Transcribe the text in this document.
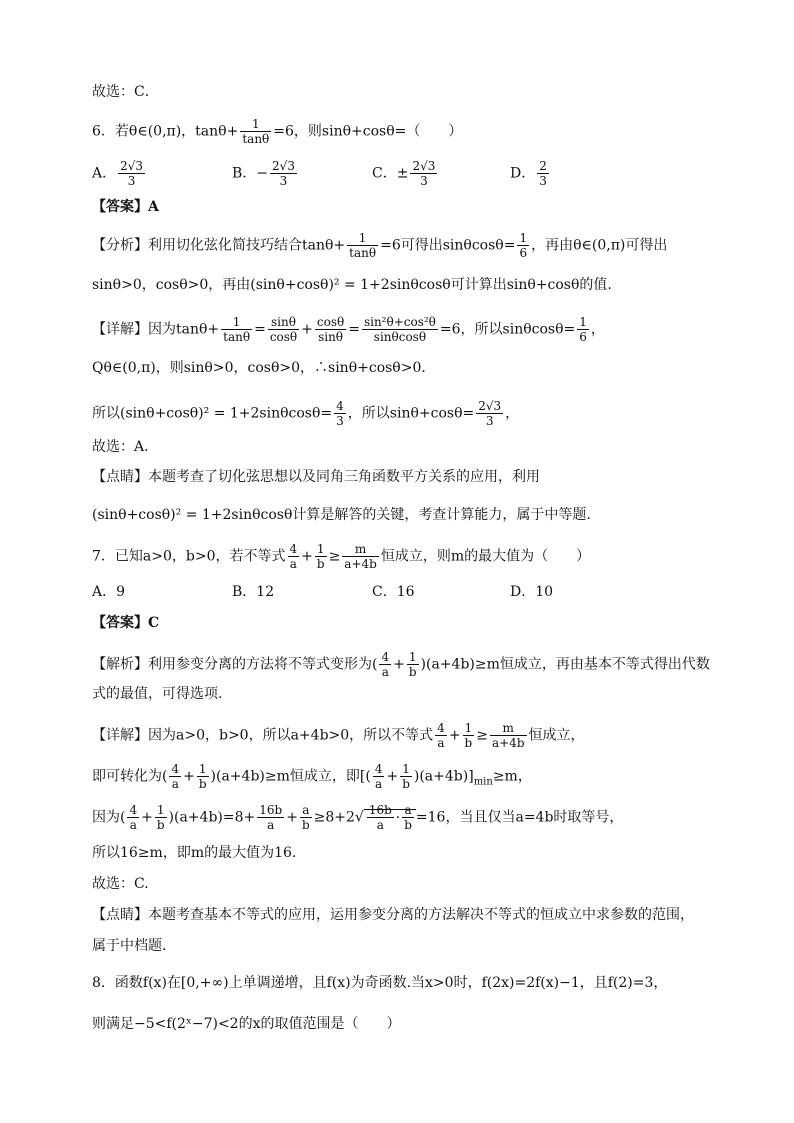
故选：C．
6．若θ∈(0,π)，$\tan\theta+ \frac{1}{\tan\theta} =6$，则sinθ+cosθ=（　　）
A． $\frac{2√3}{3}$	B．− $\frac{2√3}{3}$	C．± $\frac{2√3}{3}$	D． $\frac{2}{3}$
【答案】A
【分析】利用切化弦化简技巧结合$\tan\theta+ \frac{1}{\tan\theta} =6$可得出$\sin\theta\cos\theta= \frac{1}{6}$ ，再由θ∈(0,π)可得出
sinθ>0，cosθ>0，再由(sinθ+cosθ)² = 1+2sinθcosθ可计算出sinθ+cosθ的值.
【详解】因为$\tan\theta+ \frac{1}{\tan\theta} = \frac{\sin\theta}{\cos\theta} + \frac{\cos\theta}{\sin\theta} = \frac{\text{sin²θ+cos²θ}}{\sin\theta\cos\theta} =6$，所以$\sin\theta\cos\theta= \frac{1}{6}$ ，
Qθ∈(0,π)，则sinθ>0，cosθ>0，∴sinθ+cosθ>0．
所以$(\sin\theta+\cos\theta)^2 = 1+2\sin\theta\cos\theta= \frac{4}{3}$ ，所以$\sin\theta+\cos\theta= \frac{2√3}{3}$ ，
故选：A.
【点睛】本题考查了切化弦思想以及同角三角函数平方关系的应用，利用
(sinθ+cosθ)² = 1+2sinθcosθ计算是解答的关键，考查计算能力，属于中等题.
7．已知a>0，b>0，若不等式 $\frac{4}{a} + \frac{1}{b} \ge \frac{m}{a+4b}$ 恒成立，则m的最大值为（　　）
A．9	B．12	C．16	D．10
【答案】C
【解析】利用参变分离的方法将不等式变形为( $\frac{4}{a} + \frac{1}{b} )(a+4b)\ge m$恒成立，再由基本不等式得出代数
式的最值，可得选项.
【详解】因为a>0，b>0，所以a+4b>0，所以不等式 $\frac{4}{a} + \frac{1}{b} \ge \frac{m}{a+4b}$ 恒成立，
即可转化为( $\frac{4}{a} + \frac{1}{b} )(a+4b)\ge m$恒成立，即[( $\frac{4}{a} + \frac{1}{b} )(a+4b)]_{min}\ge m$，
因为( $\frac{4}{a} + \frac{1}{b} )(a+4b)=8+ \frac{16b}{a} + \frac{a}{b} \ge 8+2√ \frac{16b}{a} \cdot \frac{a}{b} =16$，当且仅当a=4b时取等号，
所以16≥m，即m的最大值为16.
故选：C.
【点睛】本题考查基本不等式的应用，运用参变分离的方法解决不等式的恒成立中求参数的范围，
属于中档题.
8．函数f(x)在[0,+∞)上单调递增，且f(x)为奇函数.当x>0时，f(2x)=2f(x)−1，且f(2)=3，
则满足−5<f(2ˣ−7)<2的x的取值范围是（　　）
